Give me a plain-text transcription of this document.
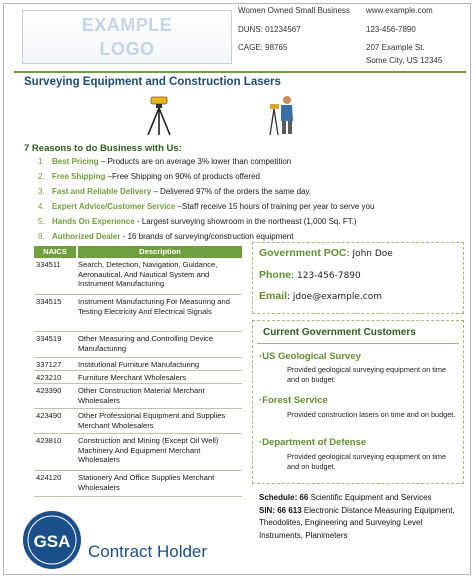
EXAMPLE
LOGO
Women Owned Small Business www.example.com
DUNS: 01234567	123-456-7890
CAGE: 98765	207 Example St.
Some City, US 12345
Surveying Equipment and Construction Lasers
7 Reasons to do Business with Us:
1. Best Pricing – Products are on average 3% lower than competition
2. Free Shipping –Free Shipping on 90% of products offered
3. Fast and Reliable Delivery – Delivered 97% of the orders the same day.
4. Expert Advice/Customer Service –Staff receive 15 hours of training per year to serve you
5. Hands On Experience - Largest surveying showroom in the northeast (1,000 Sq. FT.)
6. Authorized Dealer - 16 brands of surveying/construction equipment
NAICS	Description
334511	Search, Detection, Navigation, Guidance, Aeronautical, And Nautical System and Instrument Manufacturing
334515	Instrument Manufacturing For Measuring and Testing Electricity And Electrical Signals
334519	Other Measuring and Controlling Device Manufacturing
337127	Institutional Furniture Manufacturing
423210	Furniture Merchant Wholesalers
423390	Other Construction Material Merchant Wholesalers
423490	Other Professional Equipment and Supplies Merchant Wholesalers
423810	Construction and Mining (Except Oil Well) Machinery And Equipment Merchant Wholesalers
424120	Stationery And Office Supplies Merchant Wholesalers
Government POC: John Doe
Phone: 123-456-7890
Email: jdoe@example.com
Current Government Customers
·US Geological Survey
Provided geological surveying equipment on time and on budget.
·Forest Service
Provided construction lasers on time and on budget.
·Department of Defense
Provided geological surveying equipment on time and on budget.
Schedule: 66 Scientific Equipment and Services
SIN: 66 613 Electronic Distance Measuring Equipment, Theodolites, Engineering and Surveying Level Instruments, Planimeters
GSA
Contract Holder
